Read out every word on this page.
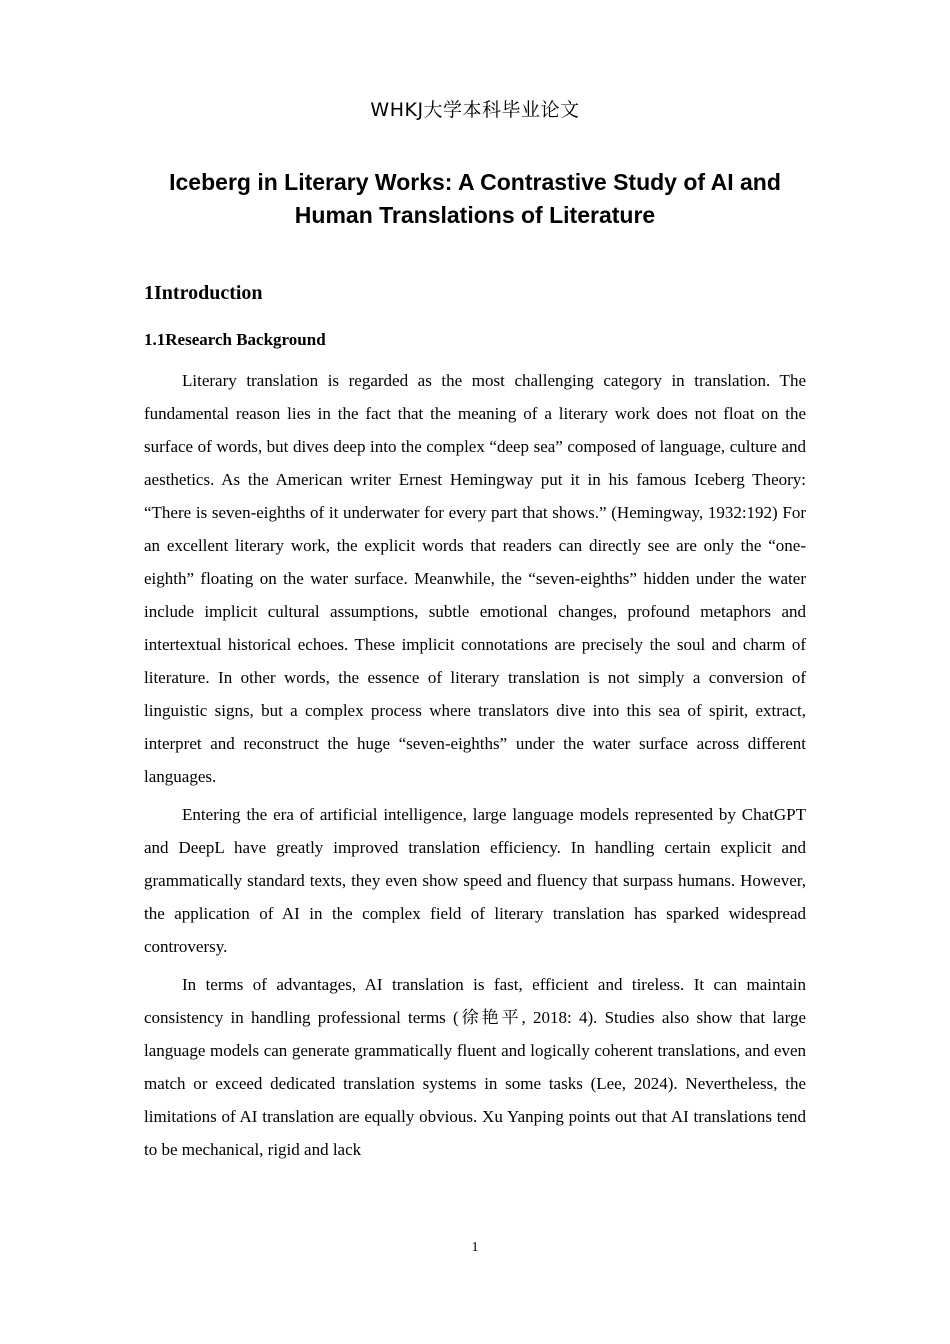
WHKJ大学本科毕业论文
Iceberg in Literary Works: A Contrastive Study of AI and Human Translations of Literature
1Introduction
1.1Research Background

Literary translation is regarded as the most challenging category in translation. The fundamental reason lies in the fact that the meaning of a literary work does not float on the surface of words, but dives deep into the complex “deep sea” composed of language, culture and aesthetics. As the American writer Ernest Hemingway put it in his famous Iceberg Theory: “There is seven-eighths of it underwater for every part that shows.” (Hemingway, 1932:192) For an excellent literary work, the explicit words that readers can directly see are only the “one-eighth” floating on the water surface. Meanwhile, the “seven-eighths” hidden under the water include implicit cultural assumptions, subtle emotional changes, profound metaphors and intertextual historical echoes. These implicit connotations are precisely the soul and charm of literature. In other words, the essence of literary translation is not simply a conversion of linguistic signs, but a complex process where translators dive into this sea of spirit, extract, interpret and reconstruct the huge “seven-eighths” under the water surface across different languages.

Entering the era of artificial intelligence, large language models represented by ChatGPT and DeepL have greatly improved translation efficiency. In handling certain explicit and grammatically standard texts, they even show speed and fluency that surpass humans. However, the application of AI in the complex field of literary translation has sparked widespread controversy.

In terms of advantages, AI translation is fast, efficient and tireless. It can maintain consistency in handling professional terms (徐艳平, 2018: 4). Studies also show that large language models can generate grammatically fluent and logically coherent translations, and even match or exceed dedicated translation systems in some tasks (Lee, 2024). Nevertheless, the limitations of AI translation are equally obvious. Xu Yanping points out that AI translations tend to be mechanical, rigid and lack

1
